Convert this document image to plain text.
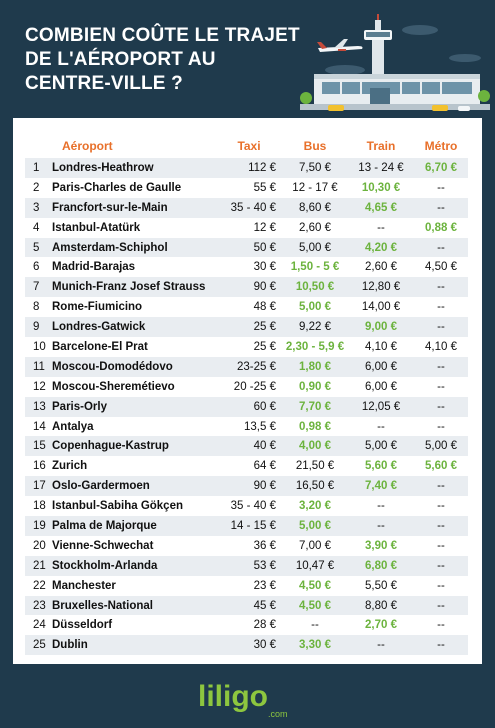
COMBIEN COÛTE LE TRAJET
DE L'AÉROPORT AU
CENTRE-VILLE ?
	Aéroport	Taxi	Bus	Train	Métro
1	Londres-Heathrow	112 €	7,50 €	13 - 24 €	6,70 €
2	Paris-Charles de Gaulle	55 €	12 - 17 €	10,30 €	--
3	Francfort-sur-le-Main	35 - 40 €	8,60 €	4,65 €	--
4	Istanbul-Atatürk	12 €	2,60 €	--	0,88 €
5	Amsterdam-Schiphol	50 €	5,00 €	4,20 €	--
6	Madrid-Barajas	30 €	1,50 - 5 €	2,60 €	4,50 €
7	Munich-Franz Josef Strauss	90 €	10,50 €	12,80 €	--
8	Rome-Fiumicino	48 €	5,00 €	14,00 €	--
9	Londres-Gatwick	25 €	9,22 €	9,00 €	--
10	Barcelone-El Prat	25 €	2,30 - 5,9 €	4,10 €	4,10 €
11	Moscou-Domodédovo	23-25 €	1,80 €	6,00 €	--
12	Moscou-Sheremétievo	20 -25 €	0,90 €	6,00 €	--
13	Paris-Orly	60 €	7,70 €	12,05 €	--
14	Antalya	13,5 €	0,98 €	--	--
15	Copenhague-Kastrup	40 €	4,00 €	5,00 €	5,00 €
16	Zurich	64 €	21,50 €	5,60 €	5,60 €
17	Oslo-Gardermoen	90 €	16,50 €	7,40 €	--
18	Istanbul-Sabiha Gökçen	35 - 40 €	3,20 €	--	--
19	Palma de Majorque	14 - 15 €	5,00 €	--	--
20	Vienne-Schwechat	36 €	7,00 €	3,90 €	--
21	Stockholm-Arlanda	53 €	10,47 €	6,80 €	--
22	Manchester	23 €	4,50 €	5,50 €	--
23	Bruxelles-National	45 €	4,50 €	8,80 €	--
24	Düsseldorf	28 €	--	2,70 €	--
25	Dublin	30 €	3,30 €	--	--
liligo
.com
